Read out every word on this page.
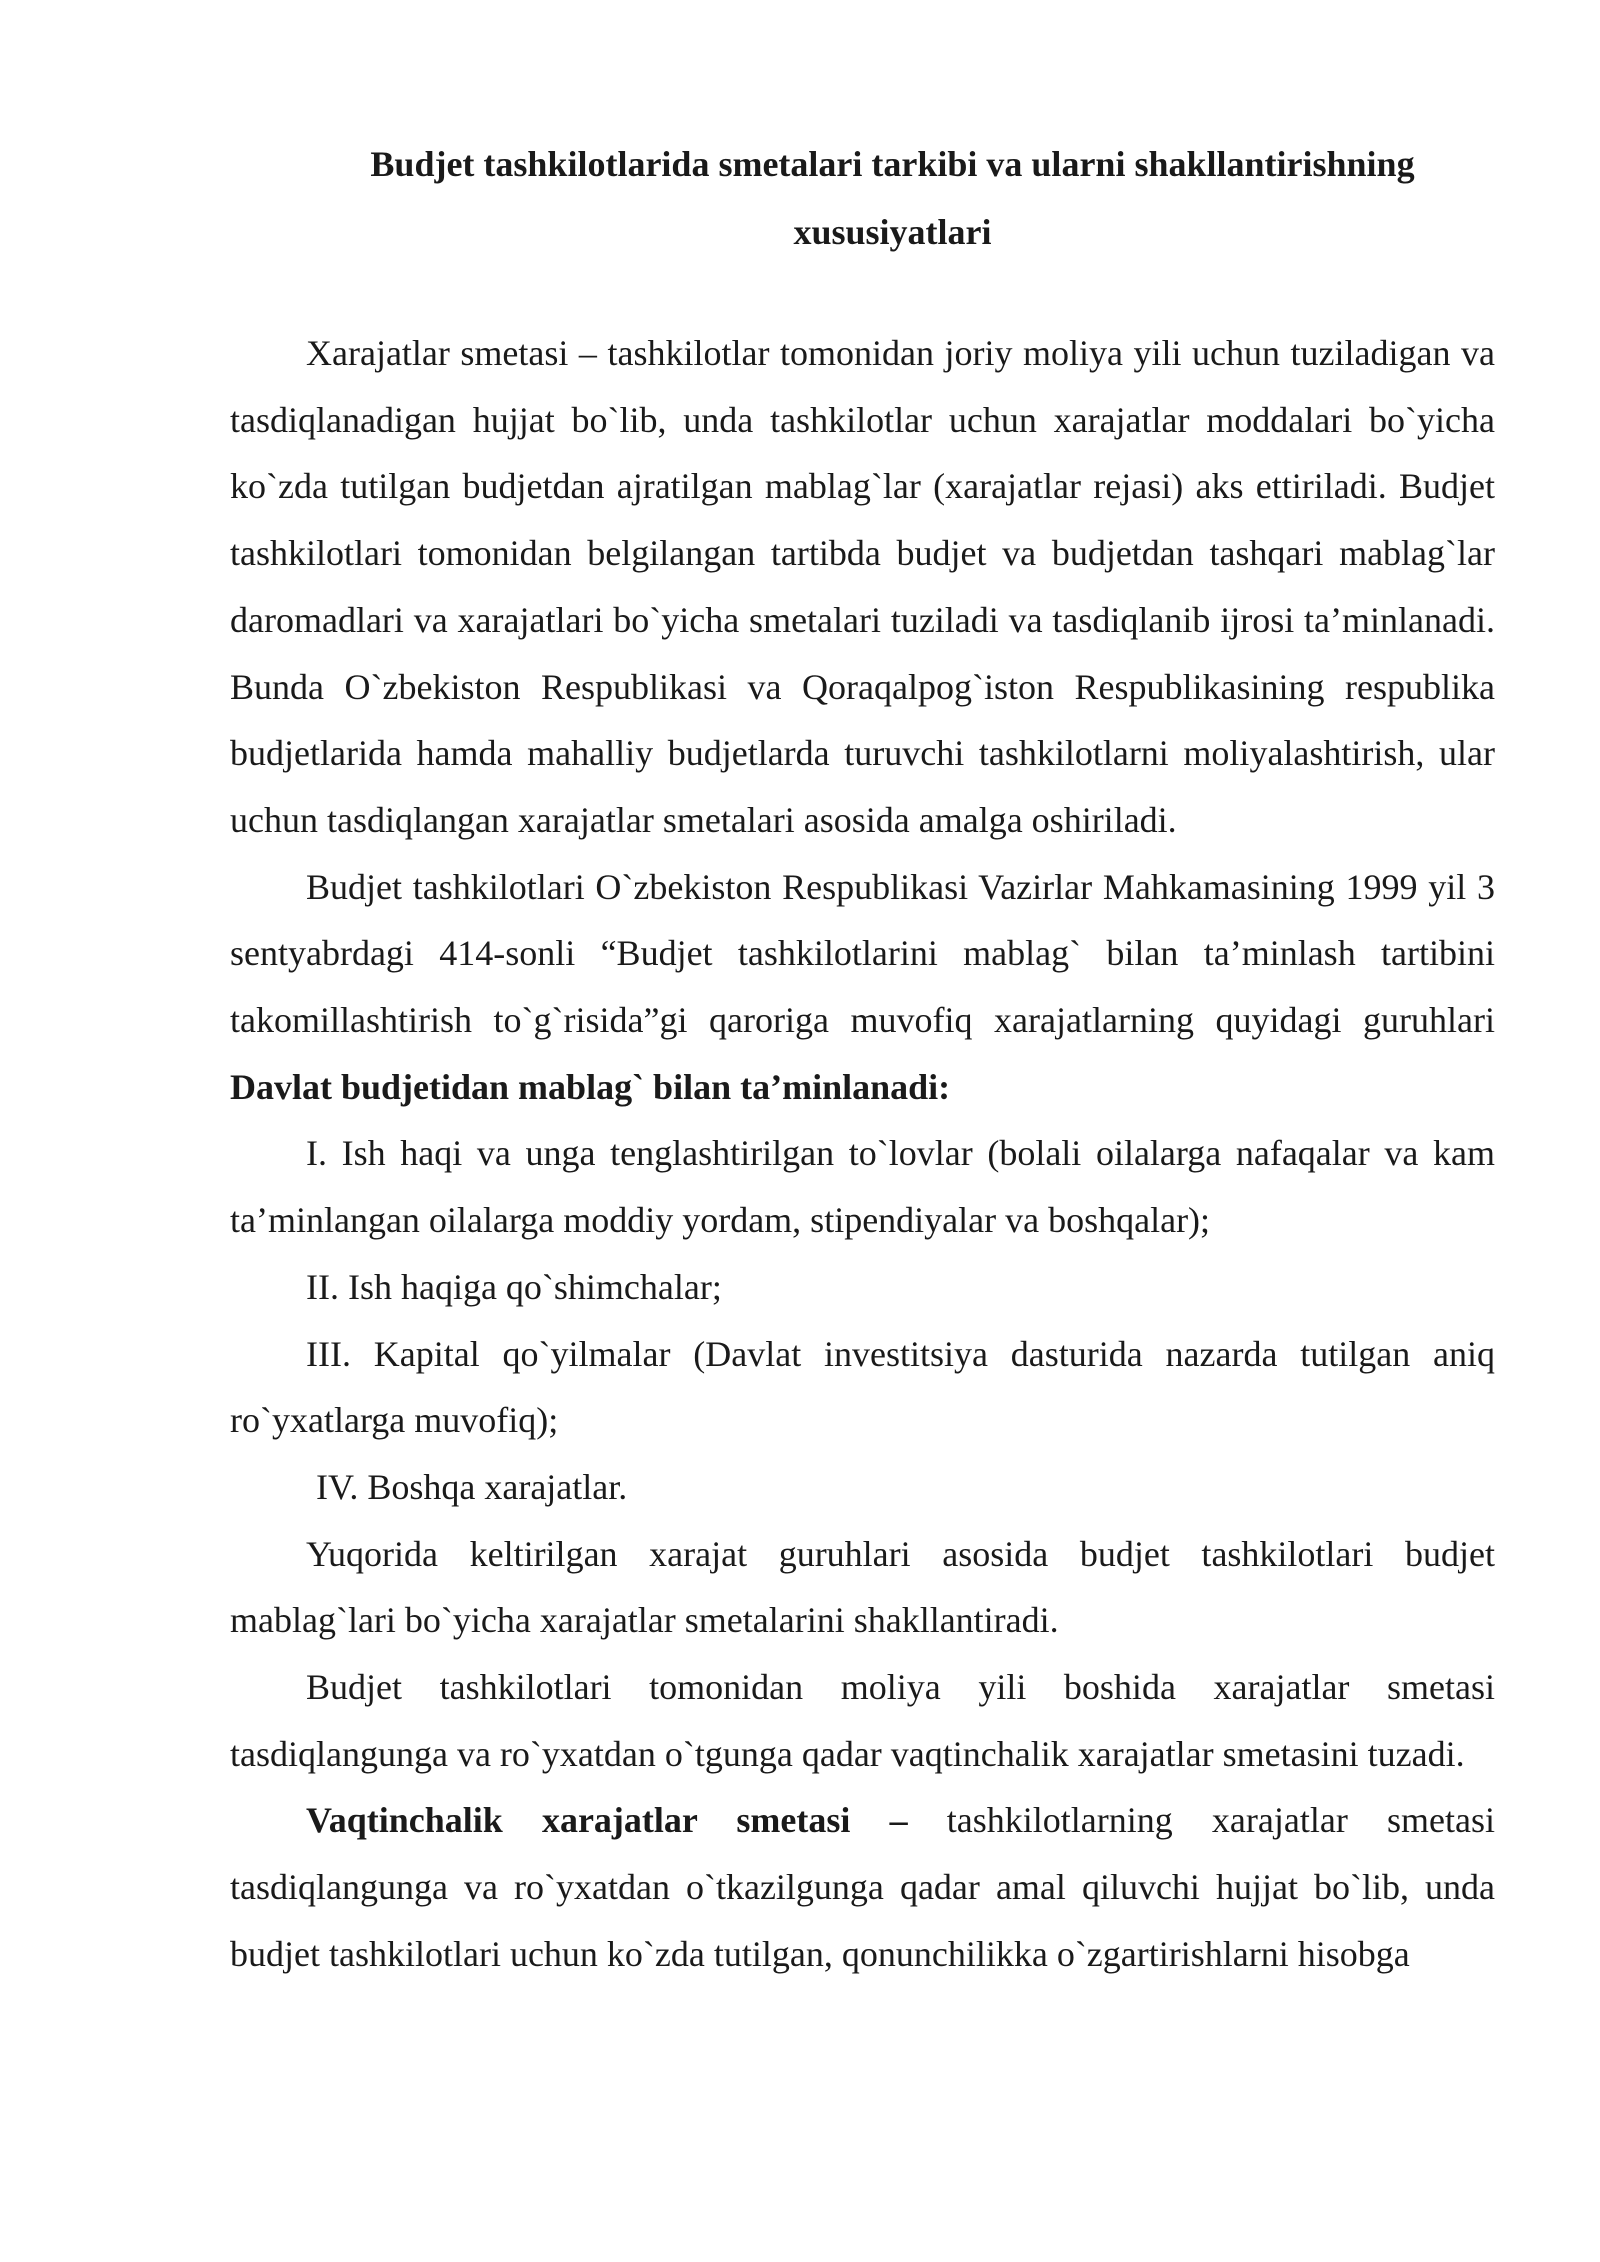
Budjet tashkilotlarida smetalari tarkibi va ularni shakllantirishning xususiyatlari

Xarajatlar smetasi – tashkilotlar tomonidan joriy moliya yili uchun tuziladigan va tasdiqlanadigan hujjat bo`lib, unda tashkilotlar uchun xarajatlar moddalari bo`yicha ko`zda tutilgan budjetdan ajratilgan mablag`lar (xarajatlar rejasi) aks ettiriladi. Budjet tashkilotlari tomonidan belgilangan tartibda budjet va budjetdan tashqari mablag`lar daromadlari va xarajatlari bo`yicha smetalari tuziladi va tasdiqlanib ijrosi ta’minlanadi. Bunda O`zbekiston Respublikasi va Qoraqalpog`iston Respublikasining respublika budjetlarida hamda mahalliy budjetlarda turuvchi tashkilotlarni moliyalashtirish, ular uchun tasdiqlangan xarajatlar smetalari asosida amalga oshiriladi.

Budjet tashkilotlari O`zbekiston Respublikasi Vazirlar Mahkamasining 1999 yil 3 sentyabrdagi 414-sonli “Budjet tashkilotlarini mablag` bilan ta’minlash tartibini takomillashtirish to`g`risida”gi qaroriga muvofiq xarajatlarning quyidagi guruhlari Davlat budjetidan mablag` bilan ta’minlanadi:

I. Ish haqi va unga tenglashtirilgan to`lovlar (bolali oilalarga nafaqalar va kam ta’minlangan oilalarga moddiy yordam, stipendiyalar va boshqalar);

II. Ish haqiga qo`shimchalar;

III. Kapital qo`yilmalar (Davlat investitsiya dasturida nazarda tutilgan aniq ro`yxatlarga muvofiq);

IV. Boshqa xarajatlar.

Yuqorida keltirilgan xarajat guruhlari asosida budjet tashkilotlari budjet mablag`lari bo`yicha xarajatlar smetalarini shakllantiradi.

Budjet tashkilotlari tomonidan moliya yili boshida xarajatlar smetasi tasdiqlangunga va ro`yxatdan o`tgunga qadar vaqtinchalik xarajatlar smetasini tuzadi.

Vaqtinchalik xarajatlar smetasi – tashkilotlarning xarajatlar smetasi tasdiqlangunga va ro`yxatdan o`tkazilgunga qadar amal qiluvchi hujjat bo`lib, unda budjet tashkilotlari uchun ko`zda tutilgan, qonunchilikka o`zgartirishlarni hisobga
